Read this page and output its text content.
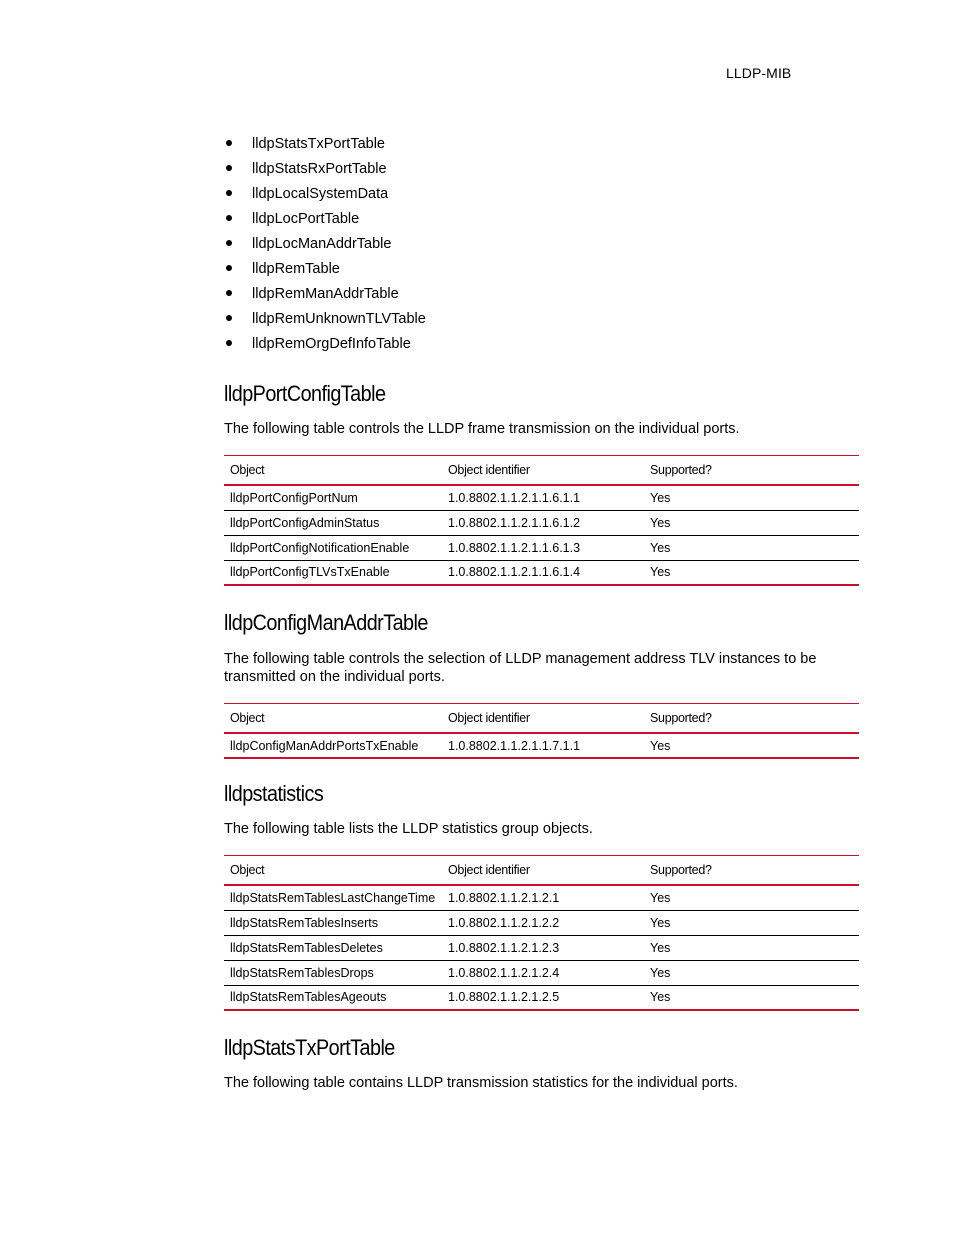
LLDP-MIB
lldpStatsTxPortTable
lldpStatsRxPortTable
lldpLocalSystemData
lldpLocPortTable
lldpLocManAddrTable
lldpRemTable
lldpRemManAddrTable
lldpRemUnknownTLVTable
lldpRemOrgDefInfoTable
lldpPortConfigTable

The following table controls the LLDP frame transmission on the individual ports.

Object	Object identifier	Supported?
lldpPortConfigPortNum	1.0.8802.1.1.2.1.1.6.1.1	Yes
lldpPortConfigAdminStatus	1.0.8802.1.1.2.1.1.6.1.2	Yes
lldpPortConfigNotificationEnable	1.0.8802.1.1.2.1.1.6.1.3	Yes
lldpPortConfigTLVsTxEnable	1.0.8802.1.1.2.1.1.6.1.4	Yes
lldpConfigManAddrTable

The following table controls the selection of LLDP management address TLV instances to be transmitted on the individual ports.

Object	Object identifier	Supported?
lldpConfigManAddrPortsTxEnable	1.0.8802.1.1.2.1.1.7.1.1	Yes
lldpstatistics

The following table lists the LLDP statistics group objects.

Object	Object identifier	Supported?
lldpStatsRemTablesLastChangeTime	1.0.8802.1.1.2.1.2.1	Yes
lldpStatsRemTablesInserts	1.0.8802.1.1.2.1.2.2	Yes
lldpStatsRemTablesDeletes	1.0.8802.1.1.2.1.2.3	Yes
lldpStatsRemTablesDrops	1.0.8802.1.1.2.1.2.4	Yes
lldpStatsRemTablesAgeouts	1.0.8802.1.1.2.1.2.5	Yes
lldpStatsTxPortTable

The following table contains LLDP transmission statistics for the individual ports.
